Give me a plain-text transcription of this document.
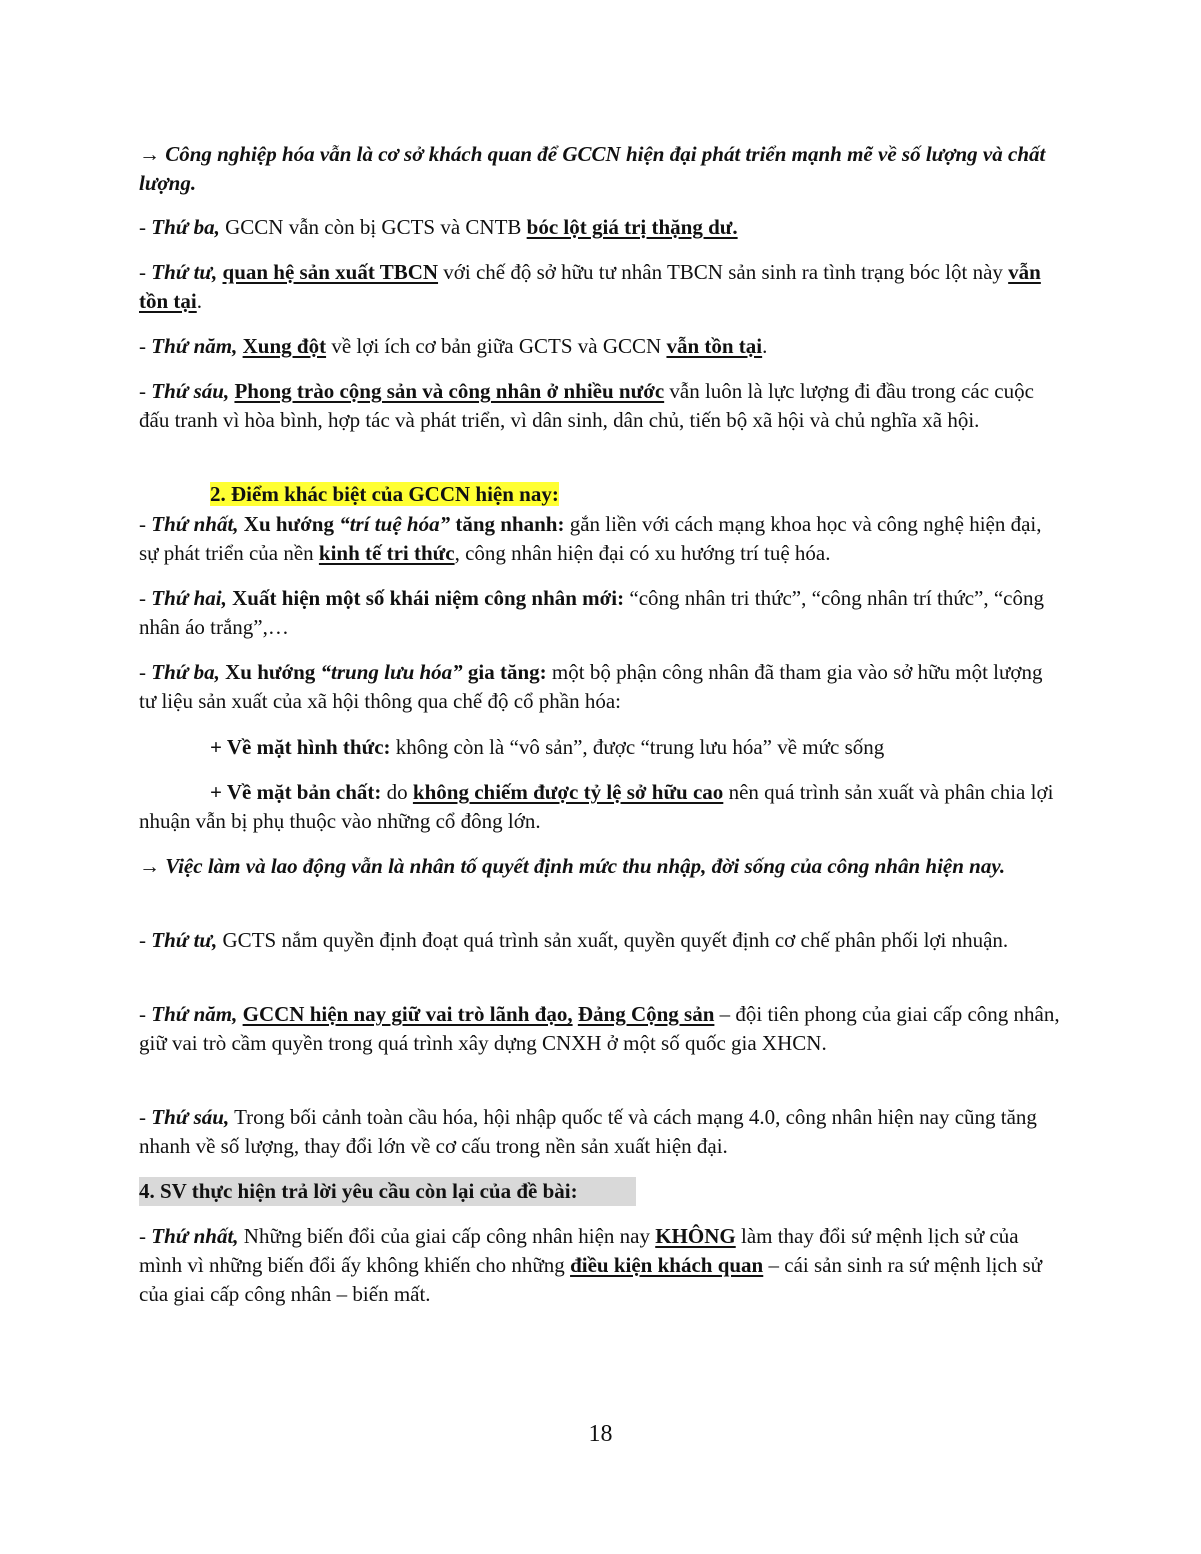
→ Công nghiệp hóa vẫn là cơ sở khách quan để GCCN hiện đại phát triển mạnh mẽ về số lượng và chất lượng.

- Thứ ba, GCCN vẫn còn bị GCTS và CNTB bóc lột giá trị thặng dư.

- Thứ tư, quan hệ sản xuất TBCN với chế độ sở hữu tư nhân TBCN sản sinh ra tình trạng bóc lột này vẫn tồn tại.

- Thứ năm, Xung đột về lợi ích cơ bản giữa GCTS và GCCN vẫn tồn tại.

- Thứ sáu, Phong trào cộng sản và công nhân ở nhiều nước vẫn luôn là lực lượng đi đầu trong các cuộc đấu tranh vì hòa bình, hợp tác và phát triển, vì dân sinh, dân chủ, tiến bộ xã hội và chủ nghĩa xã hội.

2. Điểm khác biệt của GCCN hiện nay:

- Thứ nhất, Xu hướng “trí tuệ hóa” tăng nhanh: gắn liền với cách mạng khoa học và công nghệ hiện đại, sự phát triển của nền kinh tế tri thức, công nhân hiện đại có xu hướng trí tuệ hóa.

- Thứ hai, Xuất hiện một số khái niệm công nhân mới: “công nhân tri thức”, “công nhân trí thức”, “công nhân áo trắng”,…

- Thứ ba, Xu hướng “trung lưu hóa” gia tăng: một bộ phận công nhân đã tham gia vào sở hữu một lượng tư liệu sản xuất của xã hội thông qua chế độ cổ phần hóa:

+ Về mặt hình thức: không còn là “vô sản”, được “trung lưu hóa” về mức sống

+ Về mặt bản chất: do không chiếm được tỷ lệ sở hữu cao nên quá trình sản xuất và phân chia lợi nhuận vẫn bị phụ thuộc vào những cổ đông lớn.

→ Việc làm và lao động vẫn là nhân tố quyết định mức thu nhập, đời sống của công nhân hiện nay.

- Thứ tư, GCTS nắm quyền định đoạt quá trình sản xuất, quyền quyết định cơ chế phân phối lợi nhuận.

- Thứ năm, GCCN hiện nay giữ vai trò lãnh đạo, Đảng Cộng sản – đội tiên phong của giai cấp công nhân, giữ vai trò cầm quyền trong quá trình xây dựng CNXH ở một số quốc gia XHCN.

- Thứ sáu, Trong bối cảnh toàn cầu hóa, hội nhập quốc tế và cách mạng 4.0, công nhân hiện nay cũng tăng nhanh về số lượng, thay đổi lớn về cơ cấu trong nền sản xuất hiện đại.

4. SV thực hiện trả lời yêu cầu còn lại của đề bài:

- Thứ nhất, Những biến đổi của giai cấp công nhân hiện nay KHÔNG làm thay đổi sứ mệnh lịch sử của mình vì những biến đổi ấy không khiến cho những điều kiện khách quan – cái sản sinh ra sứ mệnh lịch sử của giai cấp công nhân – biến mất.

18
